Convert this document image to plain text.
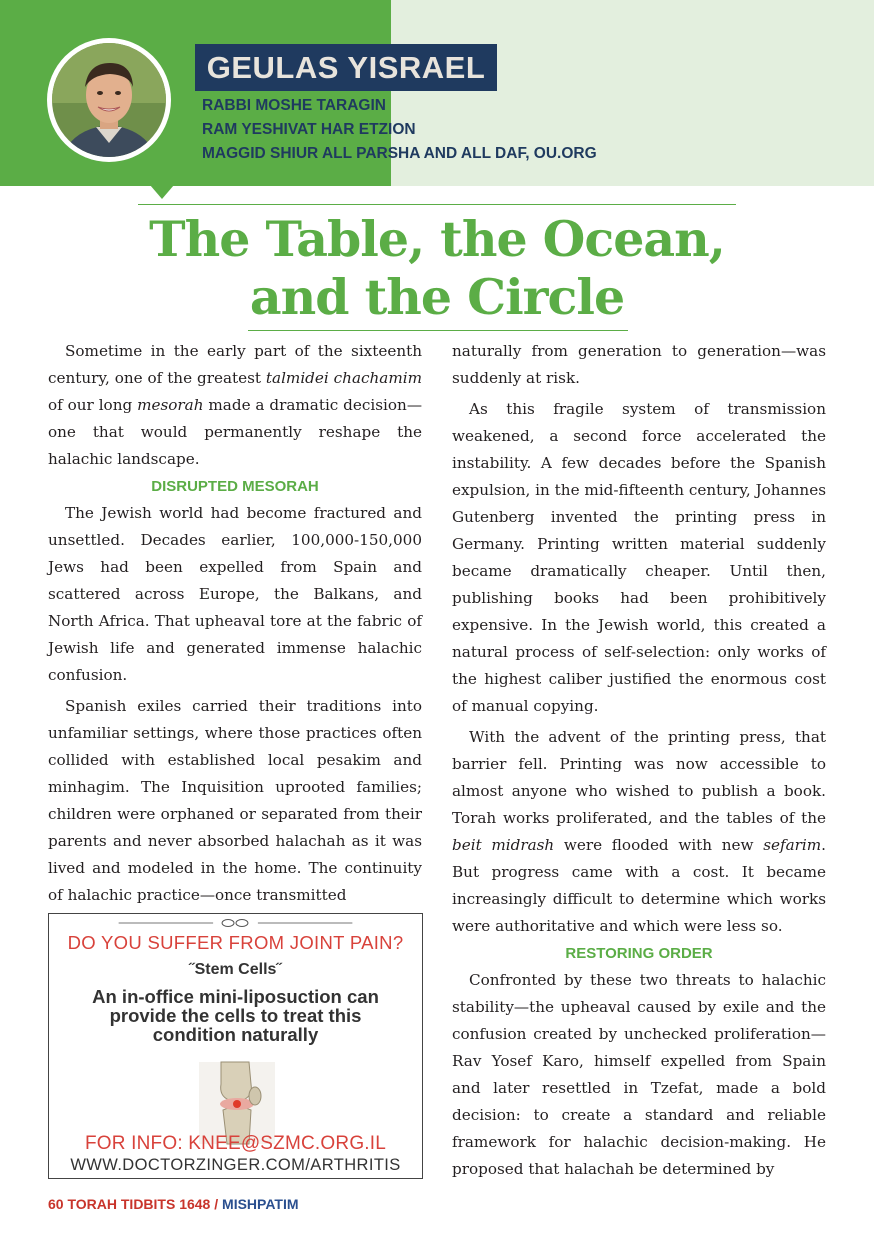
GEULAS YISRAEL
RABBI MOSHE TARAGIN
RAM YESHIVAT HAR ETZION
MAGGID SHIUR ALL PARSHA AND ALL DAF, OU.ORG
The Table, the Ocean,
and the Circle

Sometime in the early part of the sixteenth century, one of the greatest talmidei chachamim of our long mesorah made a dramatic decision—one that would permanently reshape the halachic landscape.

DISRUPTED MESORAH

The Jewish world had become fractured and unsettled. Decades earlier, 100,000-150,000 Jews had been expelled from Spain and scattered across Europe, the Balkans, and North Africa. That upheaval tore at the fabric of Jewish life and generated immense halachic confusion.

Spanish exiles carried their traditions into unfamiliar settings, where those practices often collided with established local pesakim and minhagim. The Inquisition uprooted families; children were orphaned or separated from their parents and never absorbed halachah as it was lived and modeled in the home. The continuity of halachic practice—once transmitted

naturally from generation to generation—was suddenly at risk.

As this fragile system of transmission weakened, a second force accelerated the instability. A few decades before the Spanish expulsion, in the mid-fifteenth century, Johannes Gutenberg invented the printing press in Germany. Printing written material suddenly became dramatically cheaper. Until then, publishing books had been prohibitively expensive. In the Jewish world, this created a natural process of self-selection: only works of the highest caliber justified the enormous cost of manual copying.

With the advent of the printing press, that barrier fell. Printing was now accessible to almost anyone who wished to publish a book. Torah works proliferated, and the tables of the beit midrash were flooded with new sefarim. But progress came with a cost. It became increasingly difficult to determine which works were authoritative and which were less so.

RESTORING ORDER

Confronted by these two threats to halachic stability—the upheaval caused by exile and the confusion created by unchecked proliferation—Rav Yosef Karo, himself expelled from Spain and later resettled in Tzefat, made a bold decision: to create a standard and reliable framework for halachic decision-making. He proposed that halachah be determined by

DO YOU SUFFER FROM JOINT PAIN?
˝Stem Cells˝
An in-office mini-liposuction can
provide the cells to treat this
condition naturally
FOR INFO: KNEE@SZMC.ORG.IL
WWW.DOCTORZINGER.COM/ARTHRITIS
60 TORAH TIDBITS 1648 / MISHPATIM
